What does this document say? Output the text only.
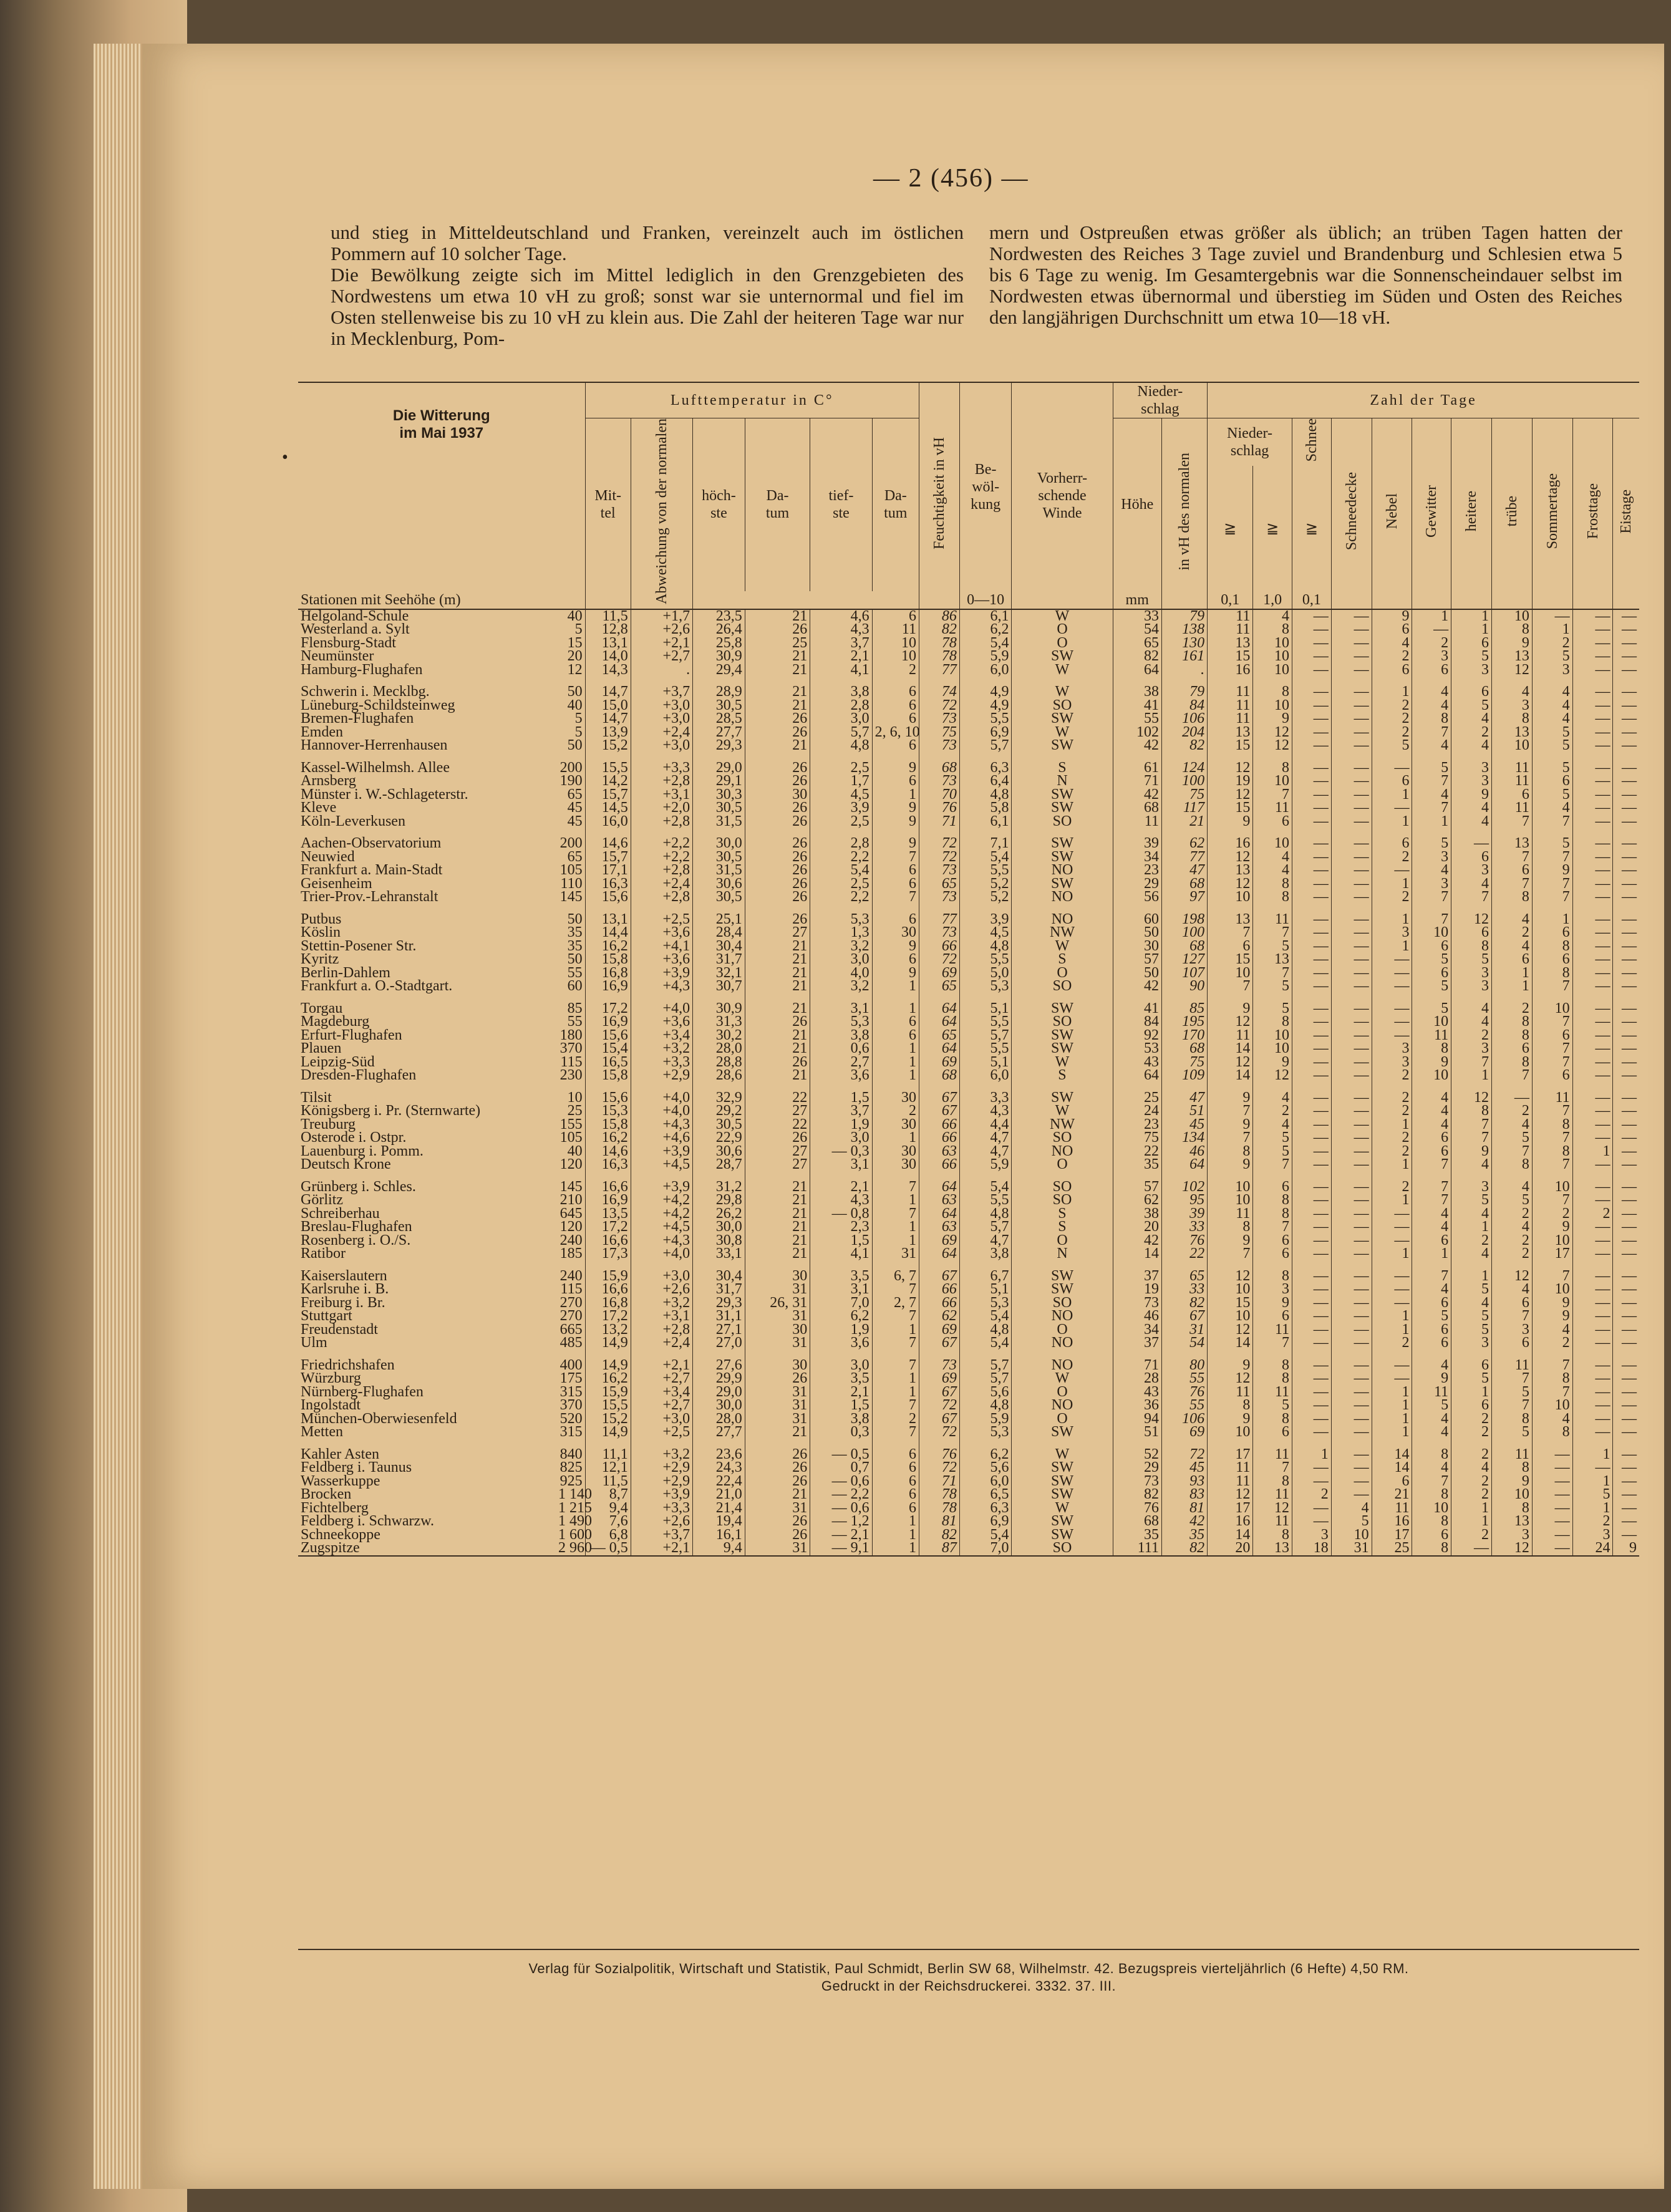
— 2 (456) —
und stieg in Mitteldeutschland und Franken, vereinzelt auch im östlichen Pommern auf 10 solcher Tage.
Die Bewölkung zeigte sich im Mittel lediglich in den Grenzgebieten des Nordwestens um etwa 10 vH zu groß; sonst war sie unternormal und fiel im Osten stellenweise bis zu 10 vH zu klein aus. Die Zahl der heiteren Tage war nur in Mecklenburg, Pom-
mern und Ostpreußen etwas größer als üblich; an trüben Tagen hatten der Nordwesten des Reiches 3 Tage zuviel und Brandenburg und Schlesien etwa 5 bis 6 Tage zu wenig. Im Gesamtergebnis war die Sonnenscheindauer selbst im Nordwesten etwas übernormal und überstieg im Süden und Osten des Reiches den langjährigen Durchschnitt um etwa 10—18 vH.
•
Die Witterung
im Mai 1937		Lufttemperatur in C°						Feuchtigkeit in vH	Be-
wöl-
kung	Vorherr-
schende
Winde	Nieder-
schlag		Zahl der Tage										
		Mit-
tel	Abweichung von der normalen	höch-
ste	Da-
tum	tief-
ste	Da-
tum				Höhe	in vH des normalen	Nieder-
schlag		Schnee	Schneedecke	Nebel	Gewitter	heitere	trübe	Sommertage	Frosttage	Eistage
Stationen mit Seehöhe (m)													≧	≧	≧								
									0—10		mm		0,1	1,0	0,1								
Helgoland-Schule	40	11,5	+1,7	23,5	21	4,6	6	86	6,1	W	33	79	11	4	—	—	9	1	1	10	—	—	—
Westerland a. Sylt	5	12,8	+2,6	26,4	26	4,3	11	82	6,2	O	54	138	11	8	—	—	6	—	1	8	1	—	—
Flensburg-Stadt	15	13,1	+2,1	25,8	25	3,7	10	78	5,4	O	65	130	13	10	—	—	4	2	6	9	2	—	—
Neumünster	20	14,0	+2,7	30,9	21	2,1	10	78	5,9	SW	82	161	15	10	—	—	2	3	5	13	5	—	—
Hamburg-Flughafen	12	14,3	.	29,4	21	4,1	2	77	6,0	W	64	.	16	10	—	—	6	6	3	12	3	—	—
Schwerin i. Mecklbg.	50	14,7	+3,7	28,9	21	3,8	6	74	4,9	W	38	79	11	8	—	—	1	4	6	4	4	—	—
Lüneburg-Schildsteinweg	40	15,0	+3,0	30,5	21	2,8	6	72	4,9	SO	41	84	11	10	—	—	2	4	5	3	4	—	—
Bremen-Flughafen	5	14,7	+3,0	28,5	26	3,0	6	73	5,5	SW	55	106	11	9	—	—	2	8	4	8	4	—	—
Emden	5	13,9	+2,4	27,7	26	5,7	2, 6, 10	75	6,9	W	102	204	13	12	—	—	2	7	2	13	5	—	—
Hannover-Herrenhausen	50	15,2	+3,0	29,3	21	4,8	6	73	5,7	SW	42	82	15	12	—	—	5	4	4	10	5	—	—
Kassel-Wilhelmsh. Allee	200	15,5	+3,3	29,0	26	2,5	9	68	6,3	S	61	124	12	8	—	—	—	5	3	11	5	—	—
Arnsberg	190	14,2	+2,8	29,1	26	1,7	6	73	6,4	N	71	100	19	10	—	—	6	7	3	11	6	—	—
Münster i. W.-Schlageterstr.	65	15,7	+3,1	30,3	30	4,5	1	70	4,8	SW	42	75	12	7	—	—	1	4	9	6	5	—	—
Kleve	45	14,5	+2,0	30,5	26	3,9	9	76	5,8	SW	68	117	15	11	—	—	—	7	4	11	4	—	—
Köln-Leverkusen	45	16,0	+2,8	31,5	26	2,5	9	71	6,1	SO	11	21	9	6	—	—	1	1	4	7	7	—	—
Aachen-Observatorium	200	14,6	+2,2	30,0	26	2,8	9	72	7,1	SW	39	62	16	10	—	—	6	5	—	13	5	—	—
Neuwied	65	15,7	+2,2	30,5	26	2,2	7	72	5,4	SW	34	77	12	4	—	—	2	3	6	7	7	—	—
Frankfurt a. Main-Stadt	105	17,1	+2,8	31,5	26	5,4	6	73	5,5	NO	23	47	13	4	—	—	—	4	3	6	9	—	—
Geisenheim	110	16,3	+2,4	30,6	26	2,5	6	65	5,2	SW	29	68	12	8	—	—	1	3	4	7	7	—	—
Trier-Prov.-Lehranstalt	145	15,6	+2,8	30,5	26	2,2	7	73	5,2	NO	56	97	10	8	—	—	2	7	7	8	7	—	—
Putbus	50	13,1	+2,5	25,1	26	5,3	6	77	3,9	NO	60	198	13	11	—	—	1	7	12	4	1	—	—
Köslin	35	14,4	+3,6	28,4	27	1,3	30	73	4,5	NW	50	100	7	7	—	—	3	10	6	2	6	—	—
Stettin-Posener Str.	35	16,2	+4,1	30,4	21	3,2	9	66	4,8	W	30	68	6	5	—	—	1	6	8	4	8	—	—
Kyritz	50	15,8	+3,6	31,7	21	3,0	6	72	5,5	S	57	127	15	13	—	—	—	5	5	6	6	—	—
Berlin-Dahlem	55	16,8	+3,9	32,1	21	4,0	9	69	5,0	O	50	107	10	7	—	—	—	6	3	1	8	—	—
Frankfurt a. O.-Stadtgart.	60	16,9	+4,3	30,7	21	3,2	1	65	5,3	SO	42	90	7	5	—	—	—	5	3	1	7	—	—
Torgau	85	17,2	+4,0	30,9	21	3,1	1	64	5,1	SW	41	85	9	5	—	—	—	5	4	2	10	—	—
Magdeburg	55	16,9	+3,6	31,3	26	5,3	6	64	5,5	SO	84	195	12	8	—	—	—	10	4	8	7	—	—
Erfurt-Flughafen	180	15,6	+3,4	30,2	21	3,8	6	65	5,7	SW	92	170	11	10	—	—	—	11	2	8	6	—	—
Plauen	370	15,4	+3,2	28,0	21	0,6	1	64	5,5	SW	53	68	14	10	—	—	3	8	3	6	7	—	—
Leipzig-Süd	115	16,5	+3,3	28,8	26	2,7	1	69	5,1	W	43	75	12	9	—	—	3	9	7	8	7	—	—
Dresden-Flughafen	230	15,8	+2,9	28,6	21	3,6	1	68	6,0	S	64	109	14	12	—	—	2	10	1	7	6	—	—
Tilsit	10	15,6	+4,0	32,9	22	1,5	30	67	3,3	SW	25	47	9	4	—	—	2	4	12	—	11	—	—
Königsberg i. Pr. (Sternwarte)	25	15,3	+4,0	29,2	27	3,7	2	67	4,3	W	24	51	7	2	—	—	2	4	8	2	7	—	—
Treuburg	155	15,8	+4,3	30,5	22	1,9	30	66	4,4	NW	23	45	9	4	—	—	1	4	7	4	8	—	—
Osterode i. Ostpr.	105	16,2	+4,6	22,9	26	3,0	1	66	4,7	SO	75	134	7	5	—	—	2	6	7	5	7	—	—
Lauenburg i. Pomm.	40	14,6	+3,9	30,6	27	— 0,3	30	63	4,7	NO	22	46	8	5	—	—	2	6	9	7	8	1	—
Deutsch Krone	120	16,3	+4,5	28,7	27	3,1	30	66	5,9	O	35	64	9	7	—	—	1	7	4	8	7	—	—
Grünberg i. Schles.	145	16,6	+3,9	31,2	21	2,1	7	64	5,4	SO	57	102	10	6	—	—	2	7	3	4	10	—	—
Görlitz	210	16,9	+4,2	29,8	21	4,3	1	63	5,5	SO	62	95	10	8	—	—	1	7	5	5	7	—	—
Schreiberhau	645	13,5	+4,2	26,2	21	— 0,8	7	64	4,8	S	38	39	11	8	—	—	—	4	4	2	2	2	—
Breslau-Flughafen	120	17,2	+4,5	30,0	21	2,3	1	63	5,7	S	20	33	8	7	—	—	—	4	1	4	9	—	—
Rosenberg i. O./S.	240	16,6	+4,3	30,8	21	1,5	1	69	4,7	O	42	76	9	6	—	—	—	6	2	2	10	—	—
Ratibor	185	17,3	+4,0	33,1	21	4,1	31	64	3,8	N	14	22	7	6	—	—	1	1	4	2	17	—	—
Kaiserslautern	240	15,9	+3,0	30,4	30	3,5	6, 7	67	6,7	SW	37	65	12	8	—	—	—	7	1	12	7	—	—
Karlsruhe i. B.	115	16,6	+2,6	31,7	31	3,1	7	66	5,1	SW	19	33	10	3	—	—	—	4	5	4	10	—	—
Freiburg i. Br.	270	16,8	+3,2	29,3	26, 31	7,0	2, 7	66	5,3	SO	73	82	15	9	—	—	—	6	4	6	9	—	—
Stuttgart	270	17,2	+3,1	31,1	31	6,2	7	62	5,4	NO	46	67	10	6	—	—	1	5	5	7	9	—	—
Freudenstadt	665	13,2	+2,8	27,1	30	1,9	1	69	4,8	O	34	31	12	11	—	—	1	6	5	3	4	—	—
Ulm	485	14,9	+2,4	27,0	31	3,6	7	67	5,4	NO	37	54	14	7	—	—	2	6	3	6	2	—	—
Friedrichshafen	400	14,9	+2,1	27,6	30	3,0	7	73	5,7	NO	71	80	9	8	—	—	—	4	6	11	7	—	—
Würzburg	175	16,2	+2,7	29,9	26	3,5	1	69	5,7	W	28	55	12	8	—	—	—	9	5	7	8	—	—
Nürnberg-Flughafen	315	15,9	+3,4	29,0	31	2,1	1	67	5,6	O	43	76	11	11	—	—	1	11	1	5	7	—	—
Ingolstadt	370	15,5	+2,7	30,0	31	1,5	7	72	4,8	NO	36	55	8	5	—	—	1	5	6	7	10	—	—
München-Oberwiesenfeld	520	15,2	+3,0	28,0	31	3,8	2	67	5,9	O	94	106	9	8	—	—	1	4	2	8	4	—	—
Metten	315	14,9	+2,5	27,7	21	0,3	7	72	5,3	SW	51	69	10	6	—	—	1	4	2	5	8	—	—
Kahler Asten	840	11,1	+3,2	23,6	26	— 0,5	6	76	6,2	W	52	72	17	11	1	—	14	8	2	11	—	1	—
Feldberg i. Taunus	825	12,1	+2,9	24,3	26	0,7	6	72	5,6	SW	29	45	11	7	—	—	14	4	4	8	—	—	—
Wasserkuppe	925	11,5	+2,9	22,4	26	— 0,6	6	71	6,0	SW	73	93	11	8	—	—	6	7	2	9	—	1	—
Brocken	1 140	8,7	+3,9	21,0	21	— 2,2	6	78	6,5	SW	82	83	12	11	2	—	21	8	2	10	—	5	—
Fichtelberg	1 215	9,4	+3,3	21,4	31	— 0,6	6	78	6,3	W	76	81	17	12	—	4	11	10	1	8	—	1	—
Feldberg i. Schwarzw.	1 490	7,6	+2,6	19,4	26	— 1,2	1	81	6,9	SW	68	42	16	11	—	5	16	8	1	13	—	2	—
Schneekoppe	1 600	6,8	+3,7	16,1	26	— 2,1	1	82	5,4	SW	35	35	14	8	3	10	17	6	2	3	—	3	—
Zugspitze	2 960	— 0,5	+2,1	9,4	31	— 9,1	1	87	7,0	SO	111	82	20	13	18	31	25	8	—	12	—	24	9
Verlag für Sozialpolitik, Wirtschaft und Statistik, Paul Schmidt, Berlin SW 68, Wilhelmstr. 42. Bezugspreis vierteljährlich (6 Hefte) 4,50 RM.
Gedruckt in der Reichsdruckerei. 3332. 37. III.
